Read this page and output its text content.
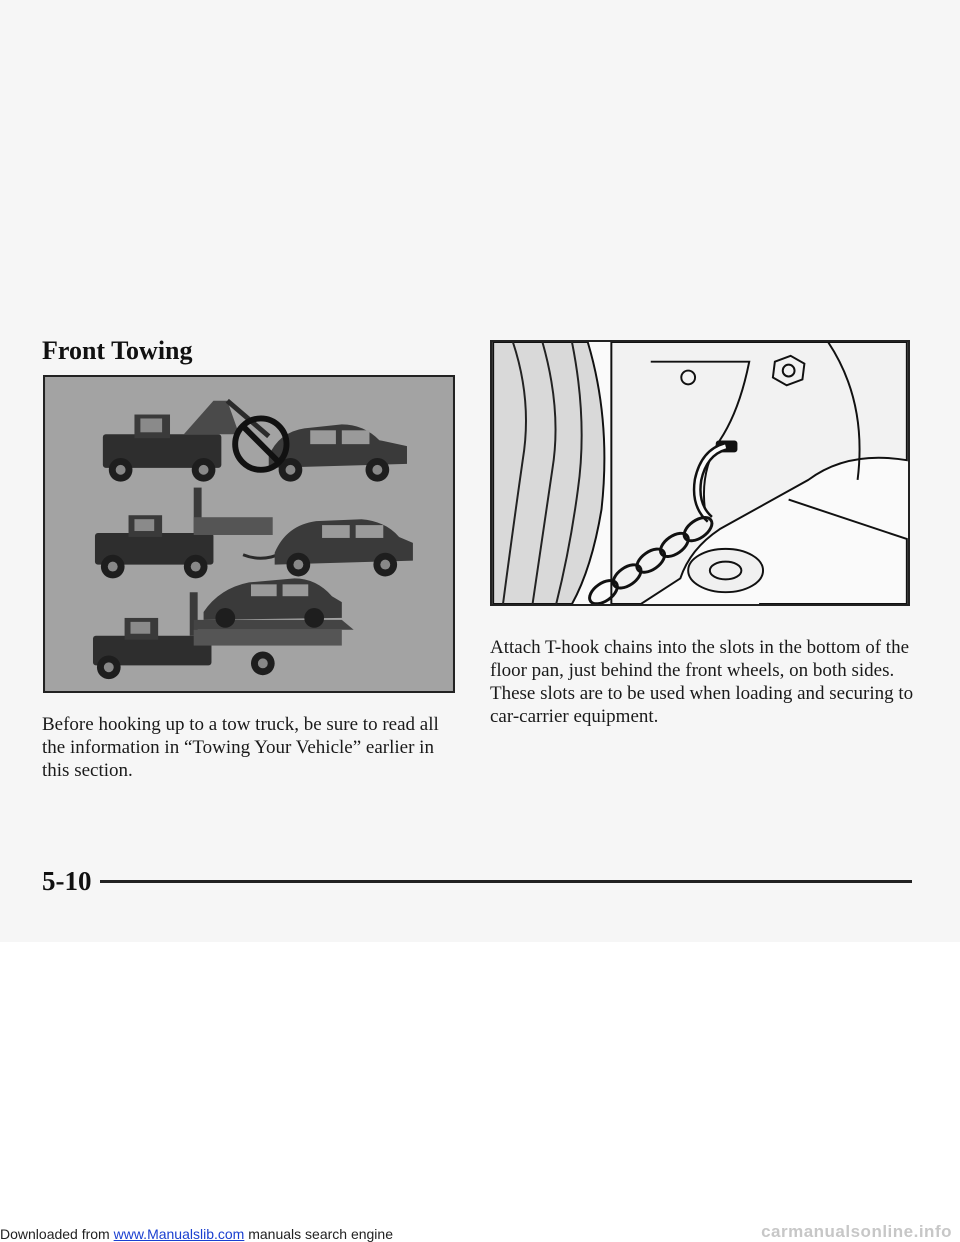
Front Towing

Before hooking up to a tow truck, be sure to read all the information in “Towing Your Vehicle” earlier in this section.

Attach T-hook chains into the slots in the bottom of the floor pan, just behind the front wheels, on both sides. These slots are to be used when loading and securing to car-carrier equipment.

5-10

Downloaded from www.Manualslib.com manuals search engine	carmanualsonline.info
